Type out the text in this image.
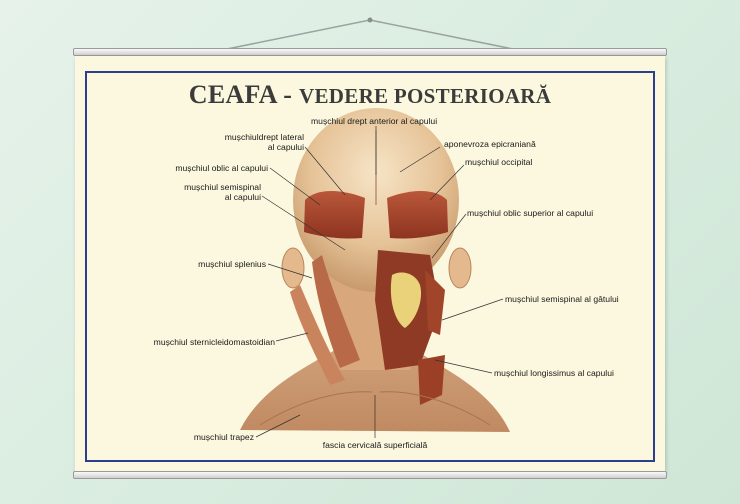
CEAFA - VEDERE POSTERIOARĂ
mușchiul drept anterior al capului
mușchiuldrept lateral
al capului	aponevroza epicraniană
mușchiul occipital
mușchiul oblic al capului
mușchiul semispinal
al capului
mușchiul oblic superior al capului
mușchiul splenius
mușchiul semispinal al gâtului
mușchiul sternicleidomastoidian
mușchiul longissimus al capului
mușchiul trapez
fascia cervicală superficială
